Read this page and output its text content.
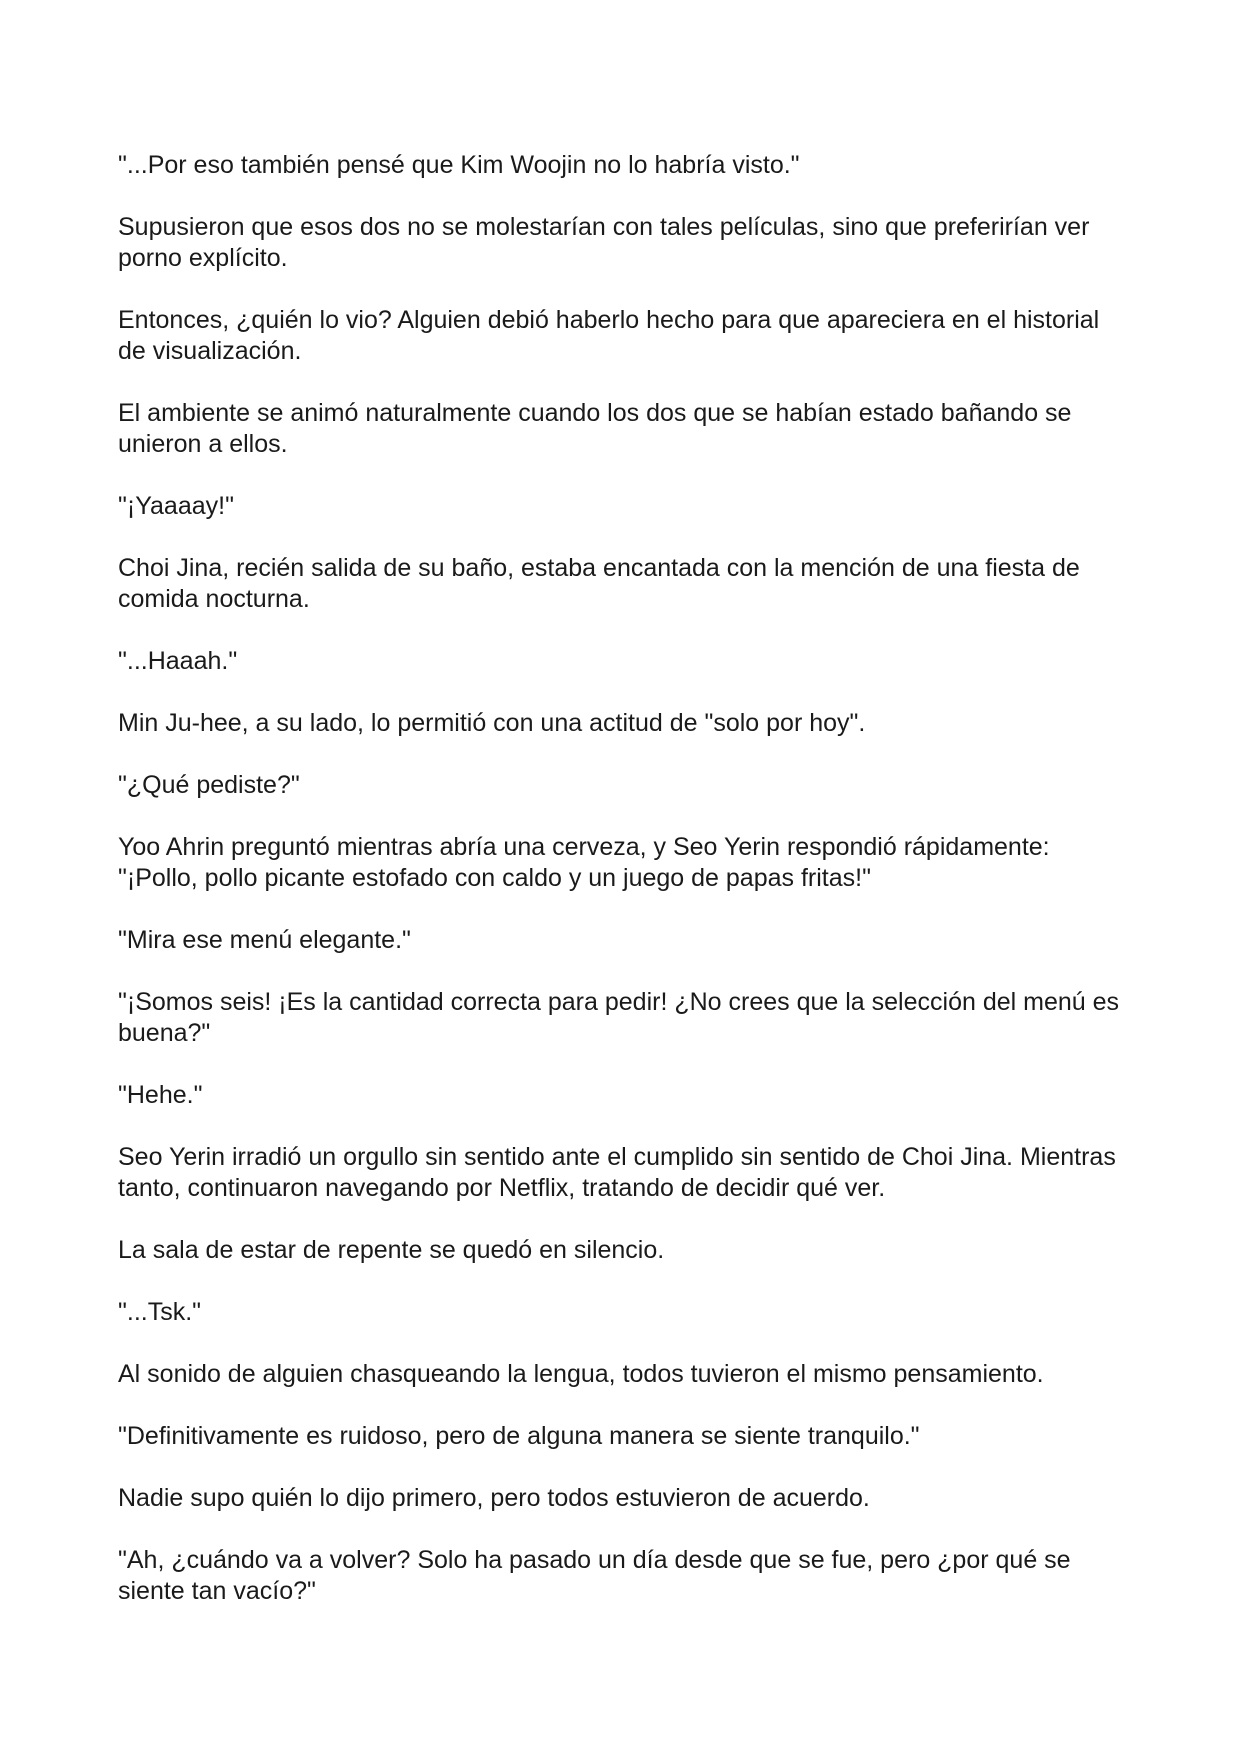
"...Por eso también pensé que Kim Woojin no lo habría visto."

Supusieron que esos dos no se molestarían con tales películas, sino que preferirían ver porno explícito.

Entonces, ¿quién lo vio? Alguien debió haberlo hecho para que apareciera en el historial de visualización.

El ambiente se animó naturalmente cuando los dos que se habían estado bañando se unieron a ellos.

"¡Yaaaay!"

Choi Jina, recién salida de su baño, estaba encantada con la mención de una fiesta de comida nocturna.

"...Haaah."

Min Ju-hee, a su lado, lo permitió con una actitud de "solo por hoy".

"¿Qué pediste?"

Yoo Ahrin preguntó mientras abría una cerveza, y Seo Yerin respondió rápidamente: "¡Pollo, pollo picante estofado con caldo y un juego de papas fritas!"

"Mira ese menú elegante."

"¡Somos seis! ¡Es la cantidad correcta para pedir! ¿No crees que la selección del menú es buena?"

"Hehe."

Seo Yerin irradió un orgullo sin sentido ante el cumplido sin sentido de Choi Jina. Mientras tanto, continuaron navegando por Netflix, tratando de decidir qué ver.

La sala de estar de repente se quedó en silencio.

"...Tsk."

Al sonido de alguien chasqueando la lengua, todos tuvieron el mismo pensamiento.

"Definitivamente es ruidoso, pero de alguna manera se siente tranquilo."

Nadie supo quién lo dijo primero, pero todos estuvieron de acuerdo.

"Ah, ¿cuándo va a volver? Solo ha pasado un día desde que se fue, pero ¿por qué se siente tan vacío?"
